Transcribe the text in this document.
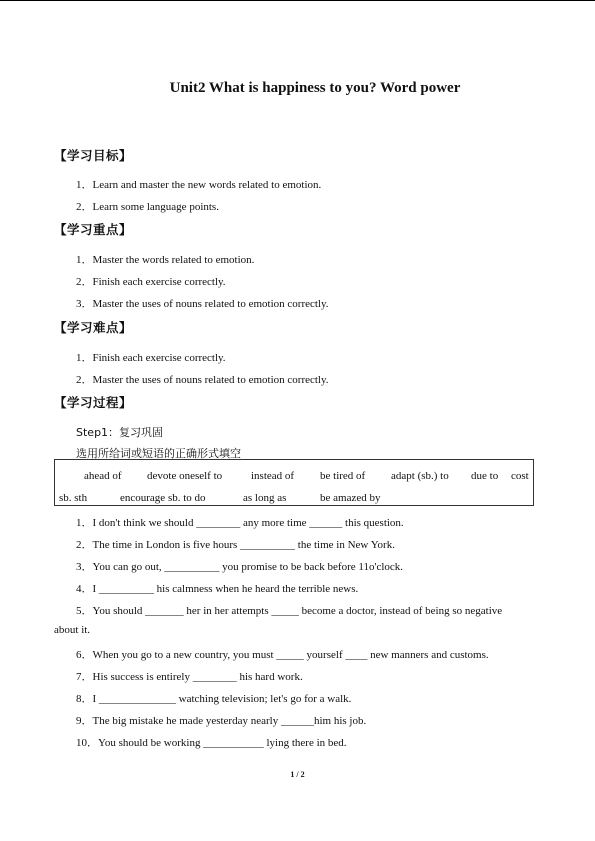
Unit2 What is happiness to you? Word power
【学习目标】
1．Learn and master the new words related to emotion.
2．Learn some language points.
【学习重点】
1．Master the words related to emotion.
2．Finish each exercise correctly.
3．Master the uses of nouns related to emotion correctly.
【学习难点】
1．Finish each exercise correctly.
2．Master the uses of nouns related to emotion correctly.
【学习过程】
Step1：复习巩固
选用所给词或短语的正确形式填空
ahead of devote oneself to	instead of be tired of adapt (sb.) to due to cost
sb. sth	encourage sb. to do	as long as	be amazed by
1．I don't think we should ________ any more time ______ this question.
2．The time in London is five hours __________ the time in New York.
3．You can go out, __________ you promise to be back before 11o'clock.
4．I __________ his calmness when he heard the terrible news.
5．You should _______ her in her attempts _____ become a doctor, instead of being so negative
about it.
6．When you go to a new country, you must _____ yourself ____ new manners and customs.
7．His success is entirely ________ his hard work.
8．I ______________ watching television; let's go for a walk.
9．The big mistake he made yesterday nearly ______him his job.
10．You should be working ___________ lying there in bed.
1 / 2
